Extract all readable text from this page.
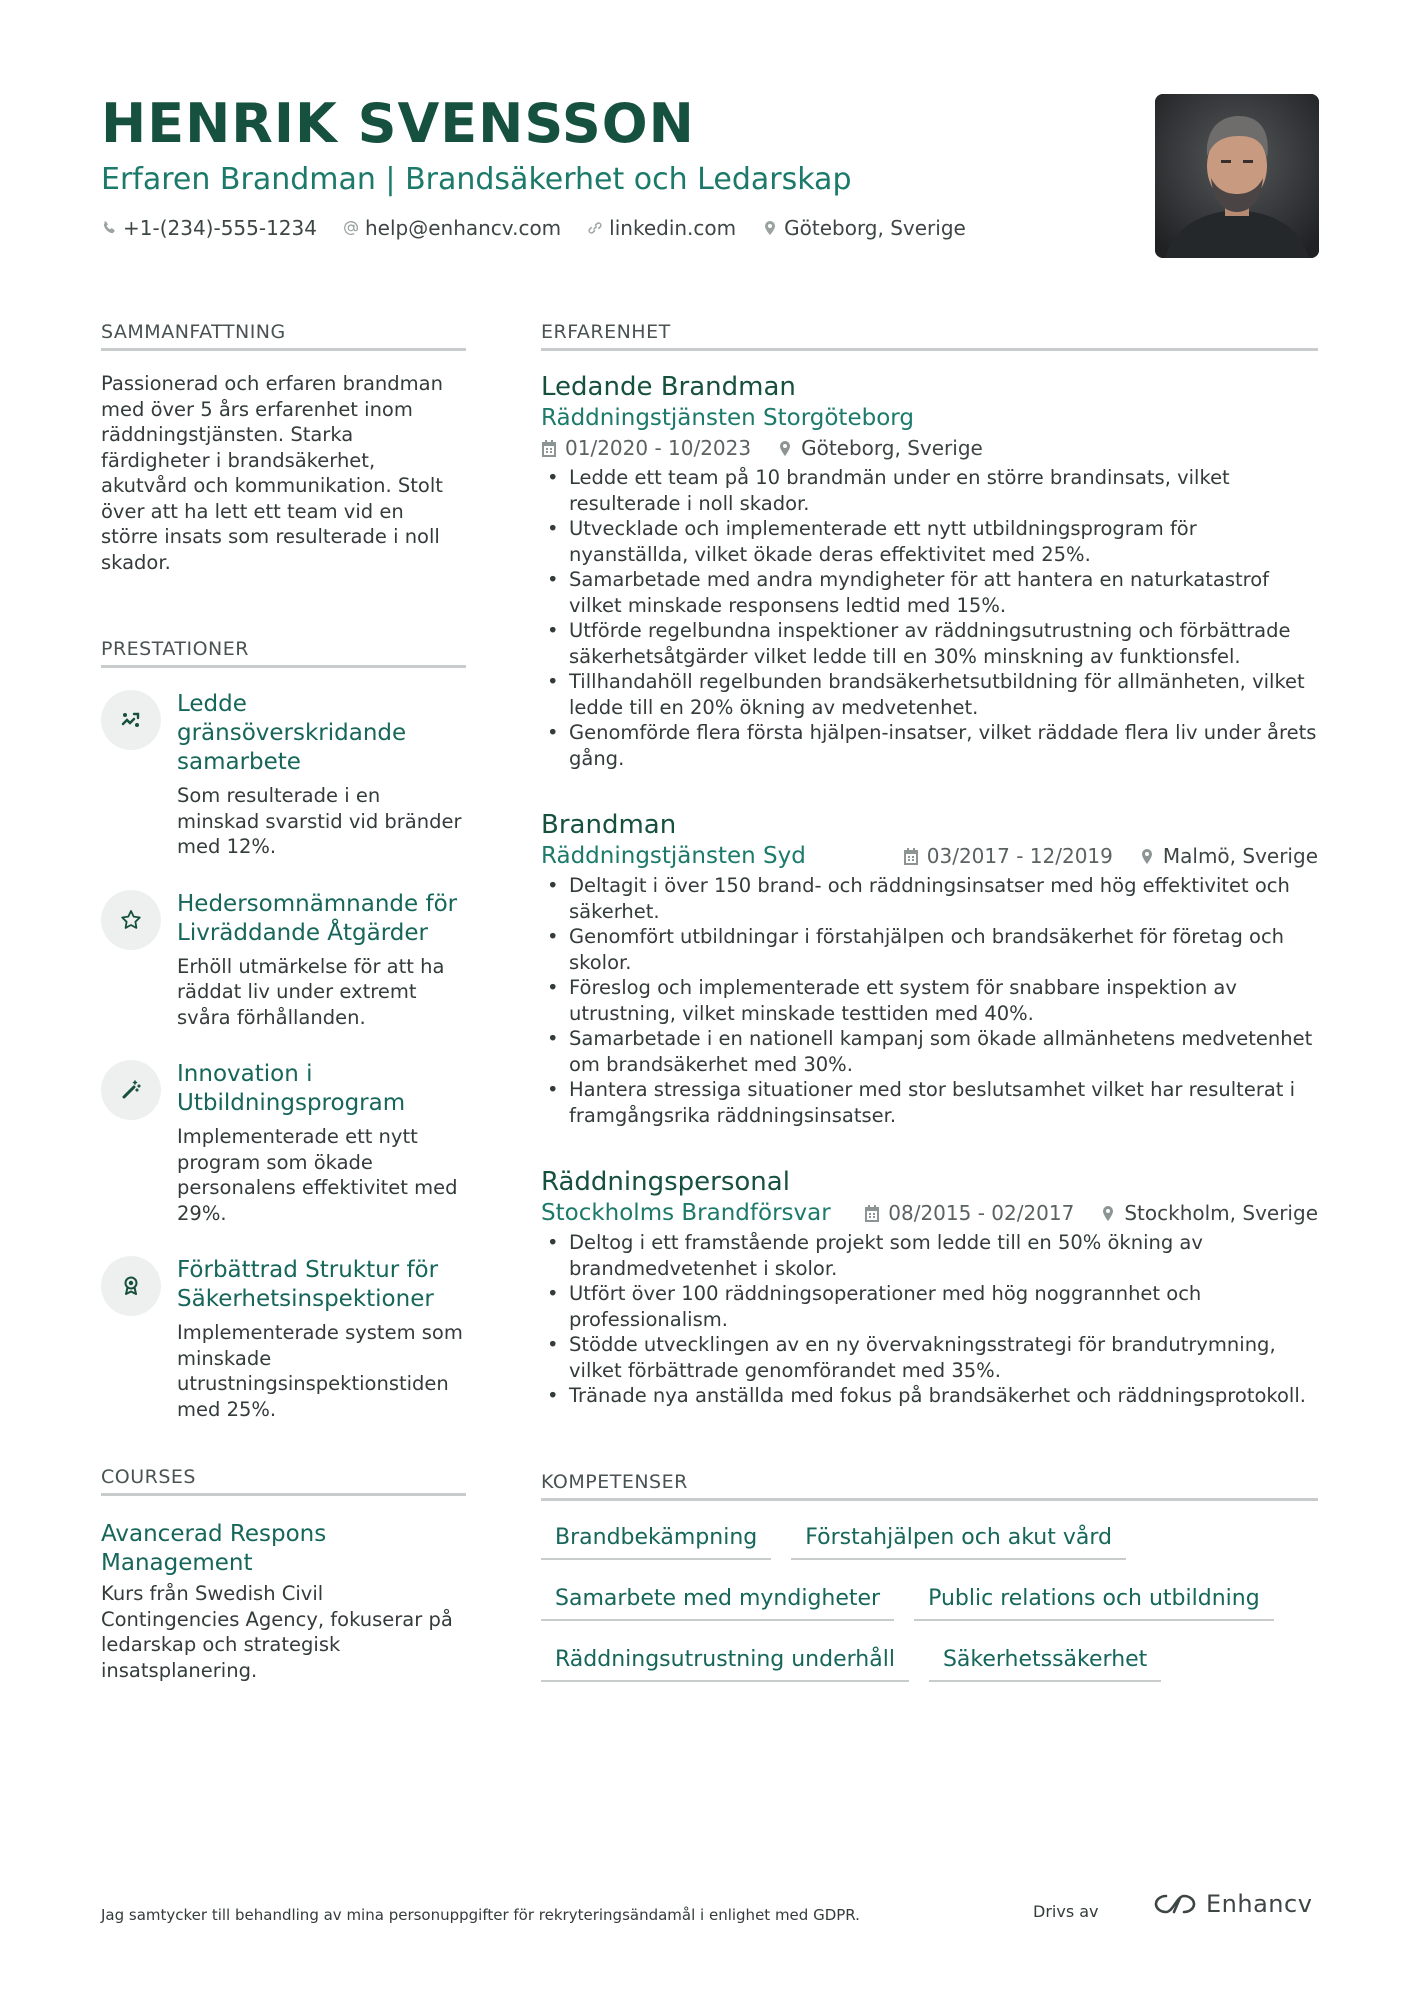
HENRIK SVENSSON
Erfaren Brandman | Brandsäkerhet och Ledarskap
+1-(234)-555-1234 help@enhancv.com linkedin.com Göteborg, Sverige
SAMMANFATTNING
Passionerad och erfaren brandman med över 5 års erfarenhet inom räddningstjänsten. Starka färdigheter i brandsäkerhet, akutvård och kommunikation. Stolt över att ha lett ett team vid en större insats som resulterade i noll skador.
PRESTATIONER
Ledde gränsöverskridande samarbete
Som resulterade i en minskad svarstid vid bränder med 12%.
Hedersomnämnande för Livräddande Åtgärder
Erhöll utmärkelse för att ha räddat liv under extremt svåra förhållanden.
Innovation i Utbildningsprogram
Implementerade ett nytt program som ökade personalens effektivitet med 29%.
Förbättrad Struktur för Säkerhetsinspektioner
Implementerade system som minskade utrustningsinspektionstiden med 25%.
COURSES
Avancerad Respons Management
Kurs från Swedish Civil Contingencies Agency, fokuserar på ledarskap och strategisk insatsplanering.
ERFARENHET
Ledande Brandman
Räddningstjänsten Storgöteborg
01/2020 - 10/2023	Göteborg, Sverige
• Ledde ett team på 10 brandmän under en större brandinsats, vilket resulterade i noll skador.
• Utvecklade och implementerade ett nytt utbildningsprogram för nyanställda, vilket ökade deras effektivitet med 25%.
• Samarbetade med andra myndigheter för att hantera en naturkatastrof vilket minskade responsens ledtid med 15%.
• Utförde regelbundna inspektioner av räddningsutrustning och förbättrade säkerhetsåtgärder vilket ledde till en 30% minskning av funktionsfel.
• Tillhandahöll regelbunden brandsäkerhetsutbildning för allmänheten, vilket ledde till en 20% ökning av medvetenhet.
• Genomförde flera första hjälpen-insatser, vilket räddade flera liv under årets gång.
Brandman
Räddningstjänsten Syd	03/2017 - 12/2019	Malmö, Sverige
• Deltagit i över 150 brand- och räddningsinsatser med hög effektivitet och säkerhet.
• Genomfört utbildningar i förstahjälpen och brandsäkerhet för företag och skolor.
• Föreslog och implementerade ett system för snabbare inspektion av utrustning, vilket minskade testtiden med 40%.
• Samarbetade i en nationell kampanj som ökade allmänhetens medvetenhet om brandsäkerhet med 30%.
• Hantera stressiga situationer med stor beslutsamhet vilket har resulterat i framgångsrika räddningsinsatser.
Räddningspersonal
Stockholms Brandförsvar	08/2015 - 02/2017	Stockholm, Sverige
• Deltog i ett framstående projekt som ledde till en 50% ökning av brandmedvetenhet i skolor.
• Utfört över 100 räddningsoperationer med hög noggrannhet och professionalism.
• Stödde utvecklingen av en ny övervakningsstrategi för brandutrymning, vilket förbättrade genomförandet med 35%.
• Tränade nya anställda med fokus på brandsäkerhet och räddningsprotokoll.
KOMPETENSER
Brandbekämpning	Förstahjälpen och akut vård
Samarbete med myndigheter	Public relations och utbildning
Räddningsutrustning underhåll	Säkerhetssäkerhet
Jag samtycker till behandling av mina personuppgifter för rekryteringsändamål i enlighet med GDPR.	Drivs av	Enhancv
